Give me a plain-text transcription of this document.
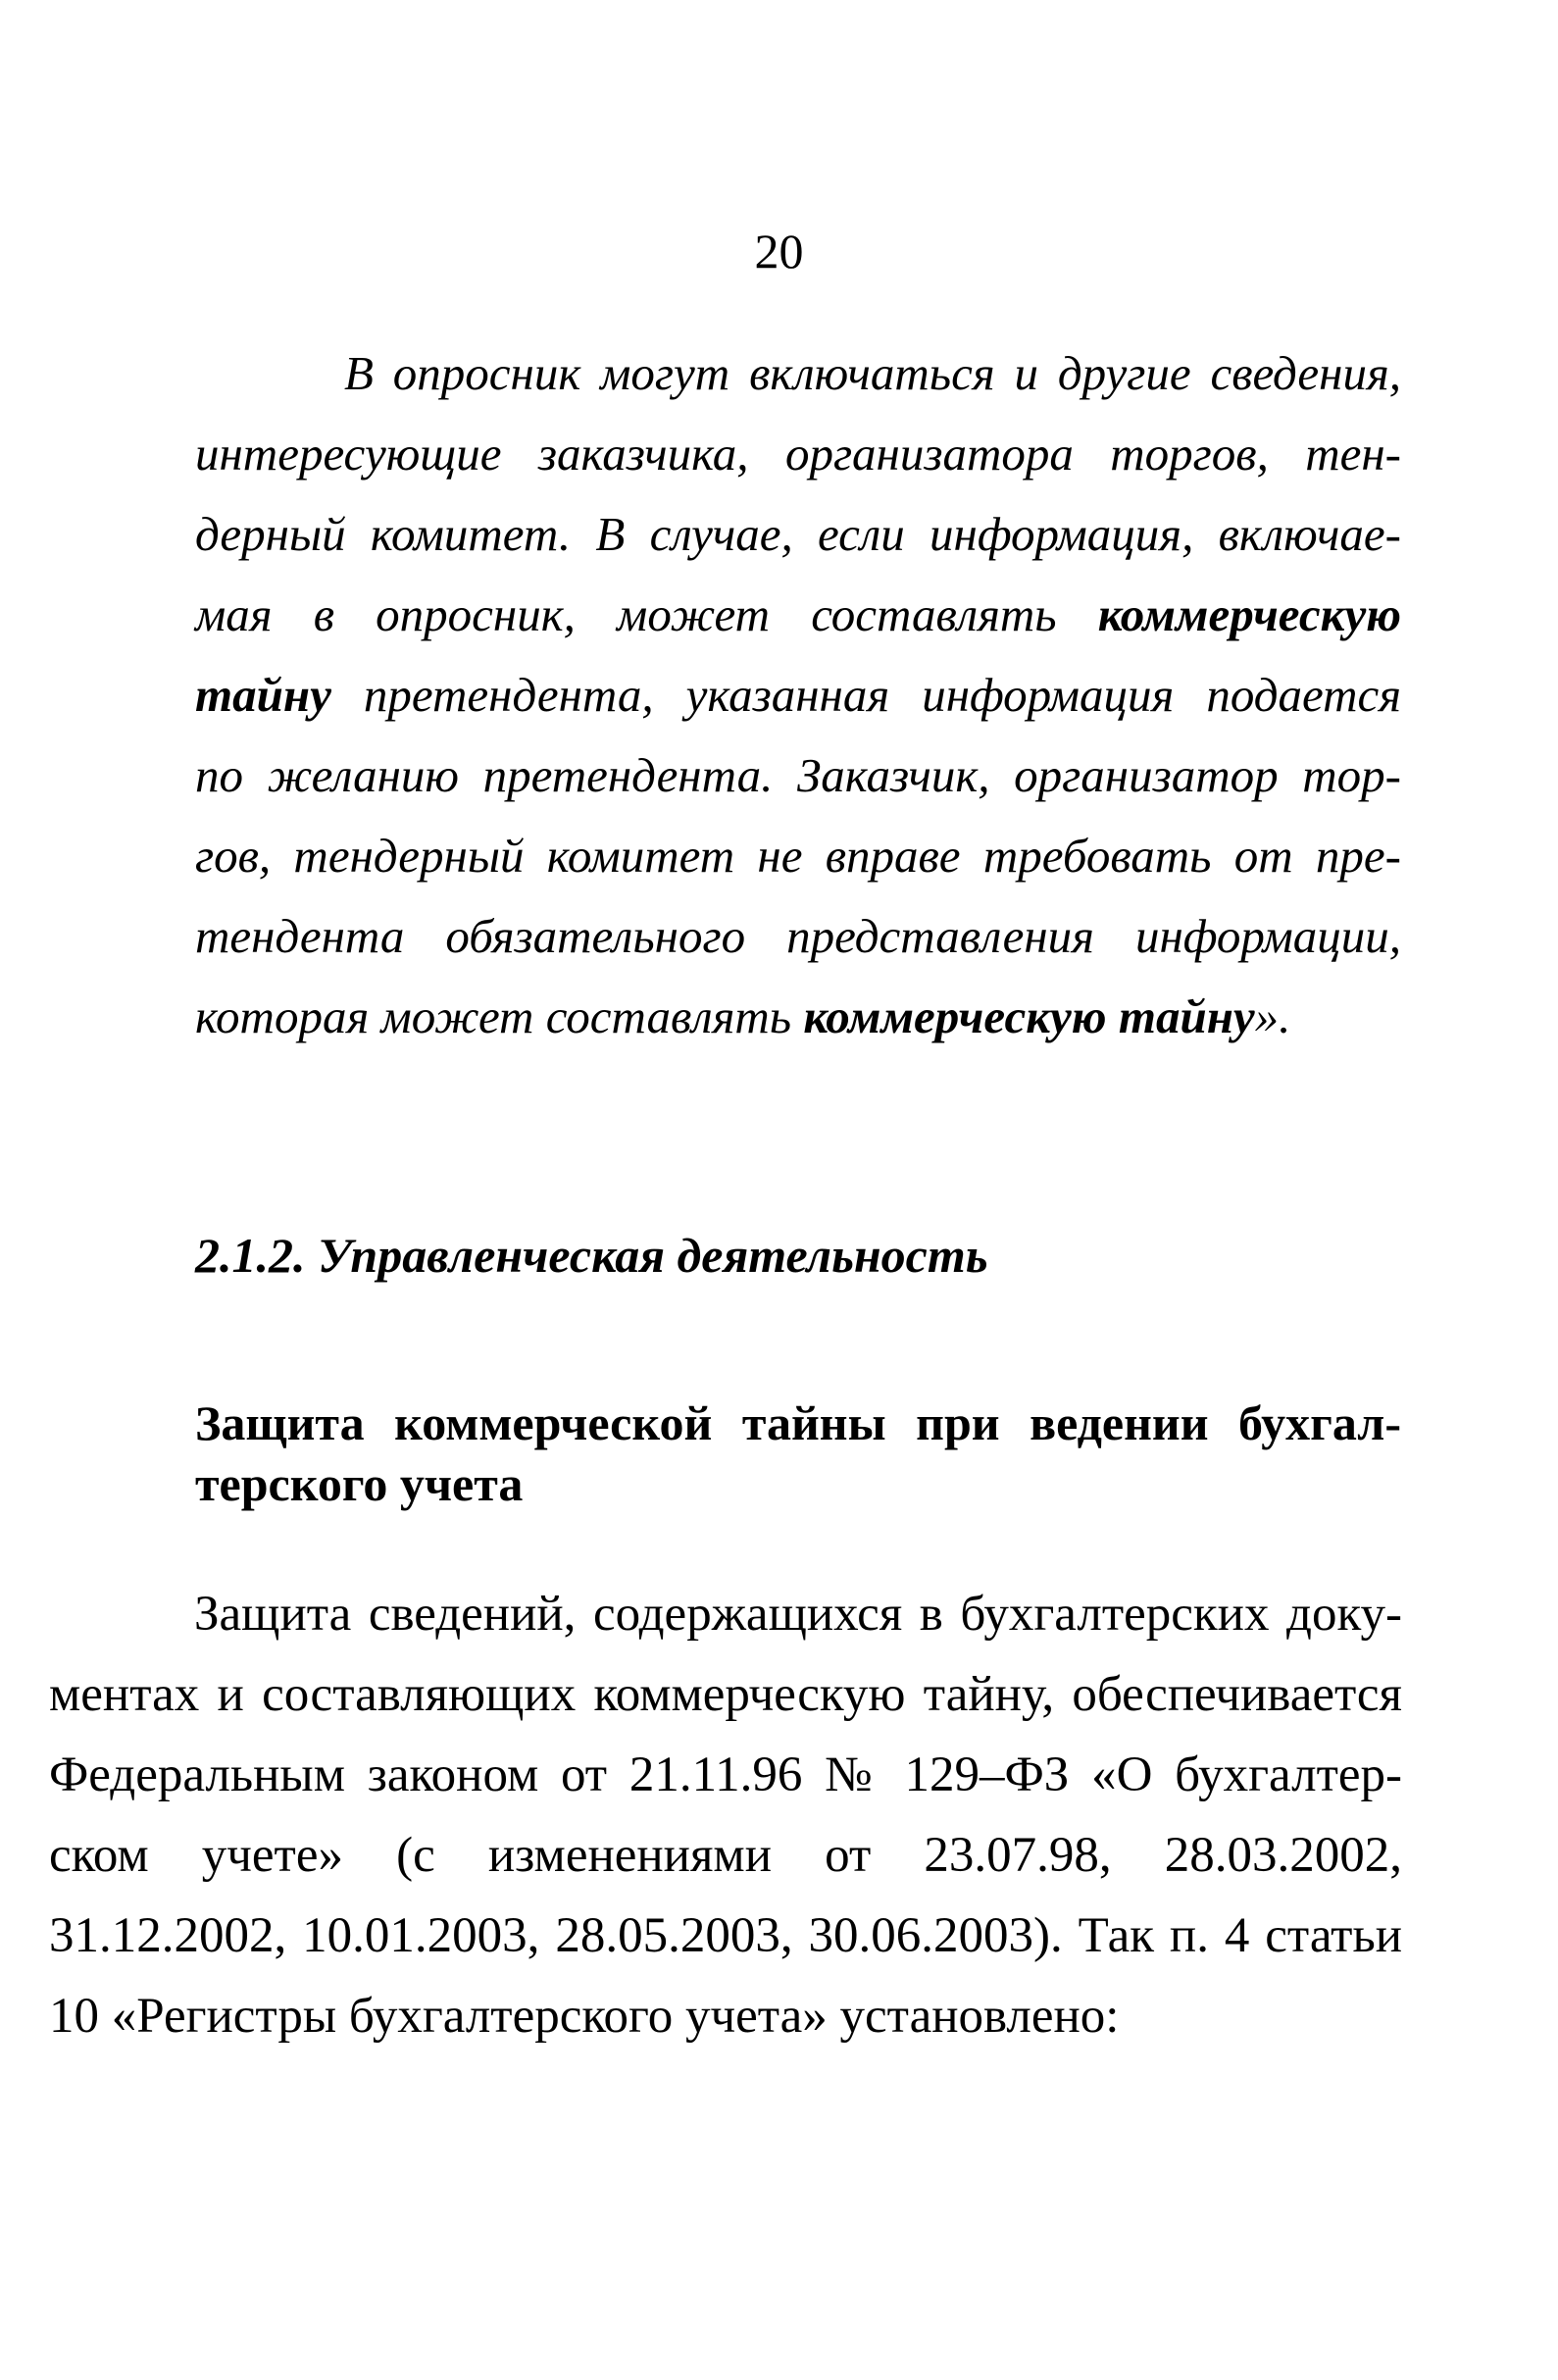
20
В опросник могут включаться и другие сведения,
интересующие заказчика, организатора торгов, тен-
дерный комитет. В случае, если информация, включае-
мая в опросник, может составлять коммерческую
тайну претендента, указанная информация подается
по желанию претендента. Заказчик, организатор тор-
гов, тендерный комитет не вправе требовать от пре-
тендента обязательного представления информации,
которая может составлять коммерческую тайну».
2.1.2. Управленческая деятельность
Защита коммерческой тайны при ведении бухгал-
терского учета
Защита сведений, содержащихся в бухгалтерских доку-
ментах и составляющих коммерческую тайну, обеспечивается
Федеральным законом от 21.11.96 № 129–ФЗ «О бухгалтер-
ском учете» (с изменениями от 23.07.98, 28.03.2002,
31.12.2002, 10.01.2003, 28.05.2003, 30.06.2003). Так п. 4 статьи
10 «Регистры бухгалтерского учета» установлено:
